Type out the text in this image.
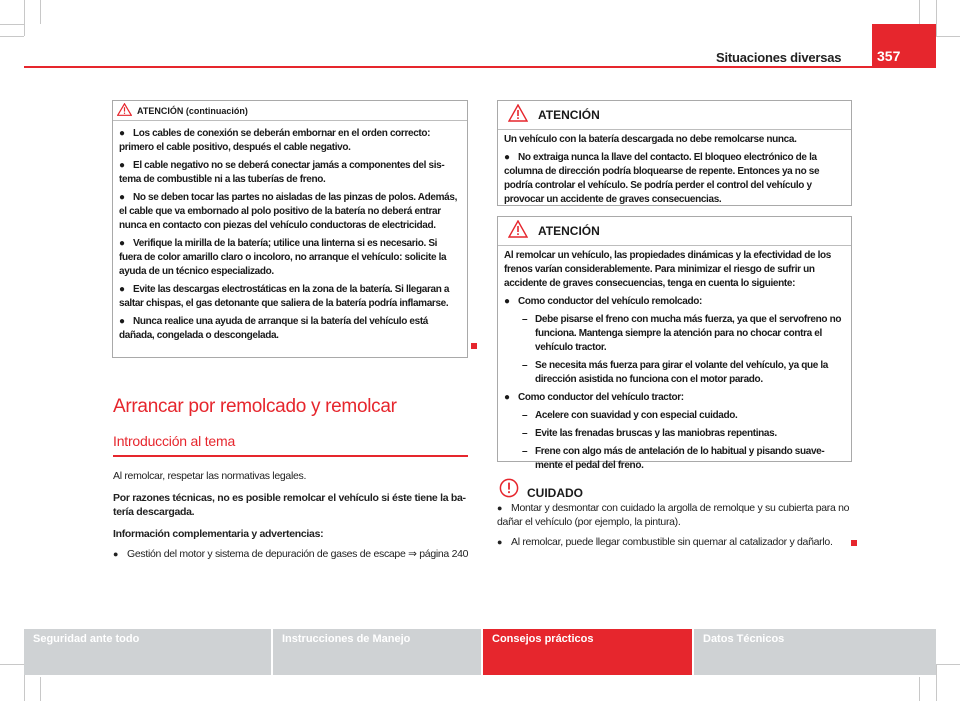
Situaciones diversas	357
ATENCIÓN (continuación)

● Los cables de conexión se deberán embornar en el orden correcto: primero el cable positivo, después el cable negativo.

● El cable negativo no se deberá conectar jamás a componentes del sistema de combustible ni a las tuberías de freno.

● No se deben tocar las partes no aisladas de las pinzas de polos. Además, el cable que va embornado al polo positivo de la batería no deberá entrar nunca en contacto con piezas del vehículo conductoras de electricidad.

● Verifique la mirilla de la batería; utilice una linterna si es necesario. Si fuera de color amarillo claro o incoloro, no arranque el vehículo: solicite la ayuda de un técnico especializado.

● Evite las descargas electrostáticas en la zona de la batería. Si llegaran a saltar chispas, el gas detonante que saliera de la batería podría inflamarse.

● Nunca realice una ayuda de arranque si la batería del vehículo está dañada, congelada o descongelada.

Arrancar por remolcado y remolcar
Introducción al tema

Al remolcar, respetar las normativas legales.

Por razones técnicas, no es posible remolcar el vehículo si éste tiene la batería descargada.

Información complementaria y advertencias:

● Gestión del motor y sistema de depuración de gases de escape ⇒ página 240

ATENCIÓN

Un vehículo con la batería descargada no debe remolcarse nunca.

● No extraiga nunca la llave del contacto. El bloqueo electrónico de la columna de dirección podría bloquearse de repente. Entonces ya no se podría controlar el vehículo. Se podría perder el control del vehículo y provocar un accidente de graves consecuencias.

ATENCIÓN

Al remolcar un vehículo, las propiedades dinámicas y la efectividad de los frenos varían considerablemente. Para minimizar el riesgo de sufrir un accidente de graves consecuencias, tenga en cuenta lo siguiente:

● Como conductor del vehículo remolcado:

– Debe pisarse el freno con mucha más fuerza, ya que el servofreno no funciona. Mantenga siempre la atención para no chocar contra el vehículo tractor.

– Se necesita más fuerza para girar el volante del vehículo, ya que la dirección asistida no funciona con el motor parado.

● Como conductor del vehículo tractor:

– Acelere con suavidad y con especial cuidado.

– Evite las frenadas bruscas y las maniobras repentinas.

– Frene con algo más de antelación de lo habitual y pisando suavemente el pedal del freno.

CUIDADO

● Montar y desmontar con cuidado la argolla de remolque y su cubierta para no dañar el vehículo (por ejemplo, la pintura).

● Al remolcar, puede llegar combustible sin quemar al catalizador y dañarlo.

Seguridad ante todo	Instrucciones de Manejo	Consejos prácticos	Datos Técnicos
